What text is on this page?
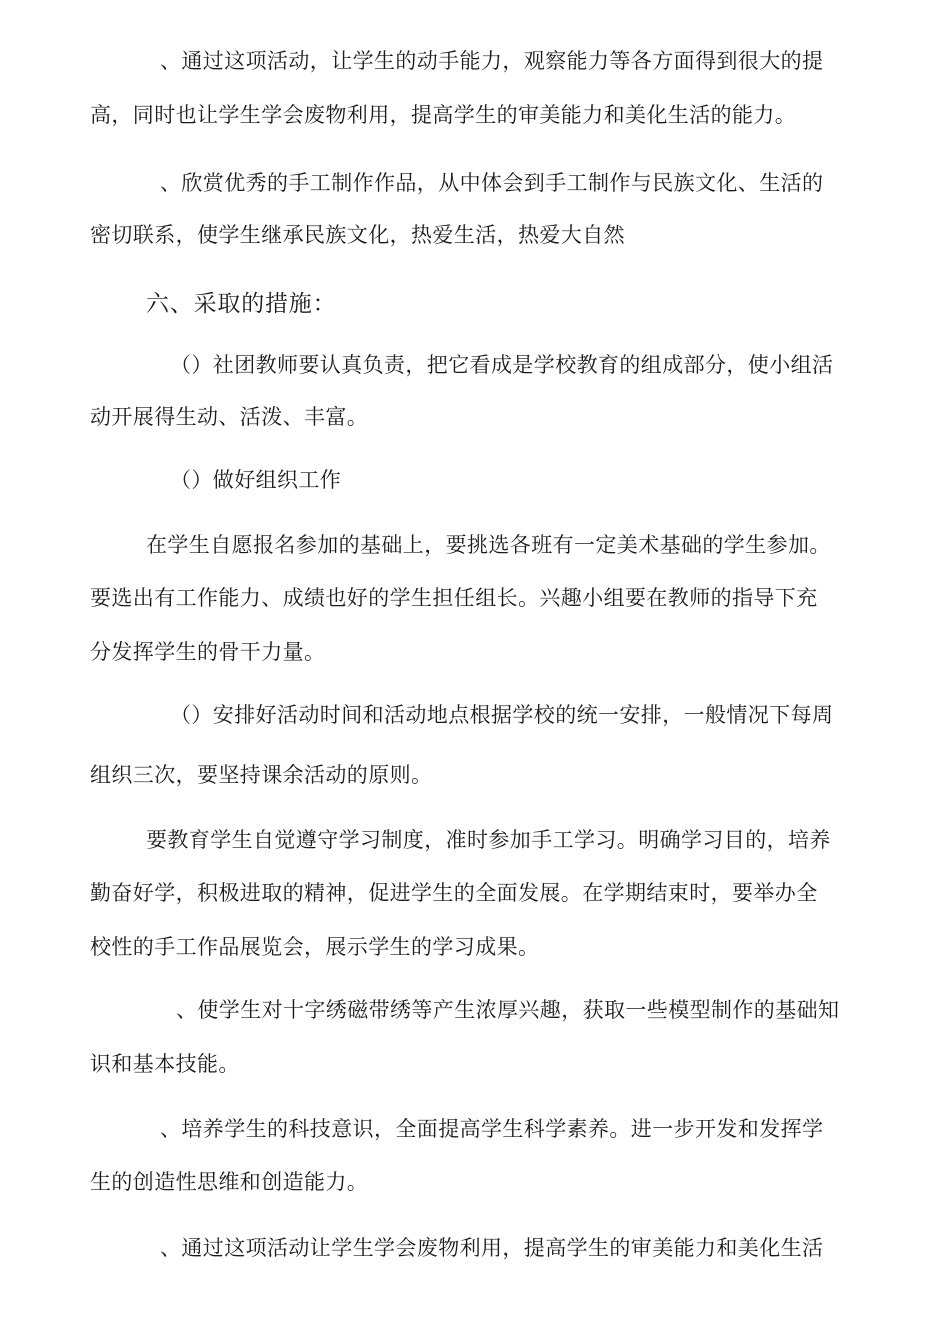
、通过这项活动，让学生的动手能力，观察能力等各方面得到很大的提
高，同时也让学生学会废物利用，提高学生的审美能力和美化生活的能力。
、欣赏优秀的手工制作作品，从中体会到手工制作与民族文化、生活的
密切联系，使学生继承民族文化，热爱生活，热爱大自然
六、采取的措施：
（）社团教师要认真负责，把它看成是学校教育的组成部分，使小组活
动开展得生动、活泼、丰富。
（）做好组织工作
在学生自愿报名参加的基础上，要挑选各班有一定美术基础的学生参加。
要选出有工作能力、成绩也好的学生担任组长。兴趣小组要在教师的指导下充
分发挥学生的骨干力量。
（）安排好活动时间和活动地点根据学校的统一安排，一般情况下每周
组织三次，要坚持课余活动的原则。
要教育学生自觉遵守学习制度，准时参加手工学习。明确学习目的，培养
勤奋好学，积极进取的精神，促进学生的全面发展。在学期结束时，要举办全
校性的手工作品展览会，展示学生的学习成果。
、使学生对十字绣磁带绣等产生浓厚兴趣，获取一些模型制作的基础知
识和基本技能。
、培养学生的科技意识，全面提高学生科学素养。进一步开发和发挥学
生的创造性思维和创造能力。
、通过这项活动让学生学会废物利用，提高学生的审美能力和美化生活
